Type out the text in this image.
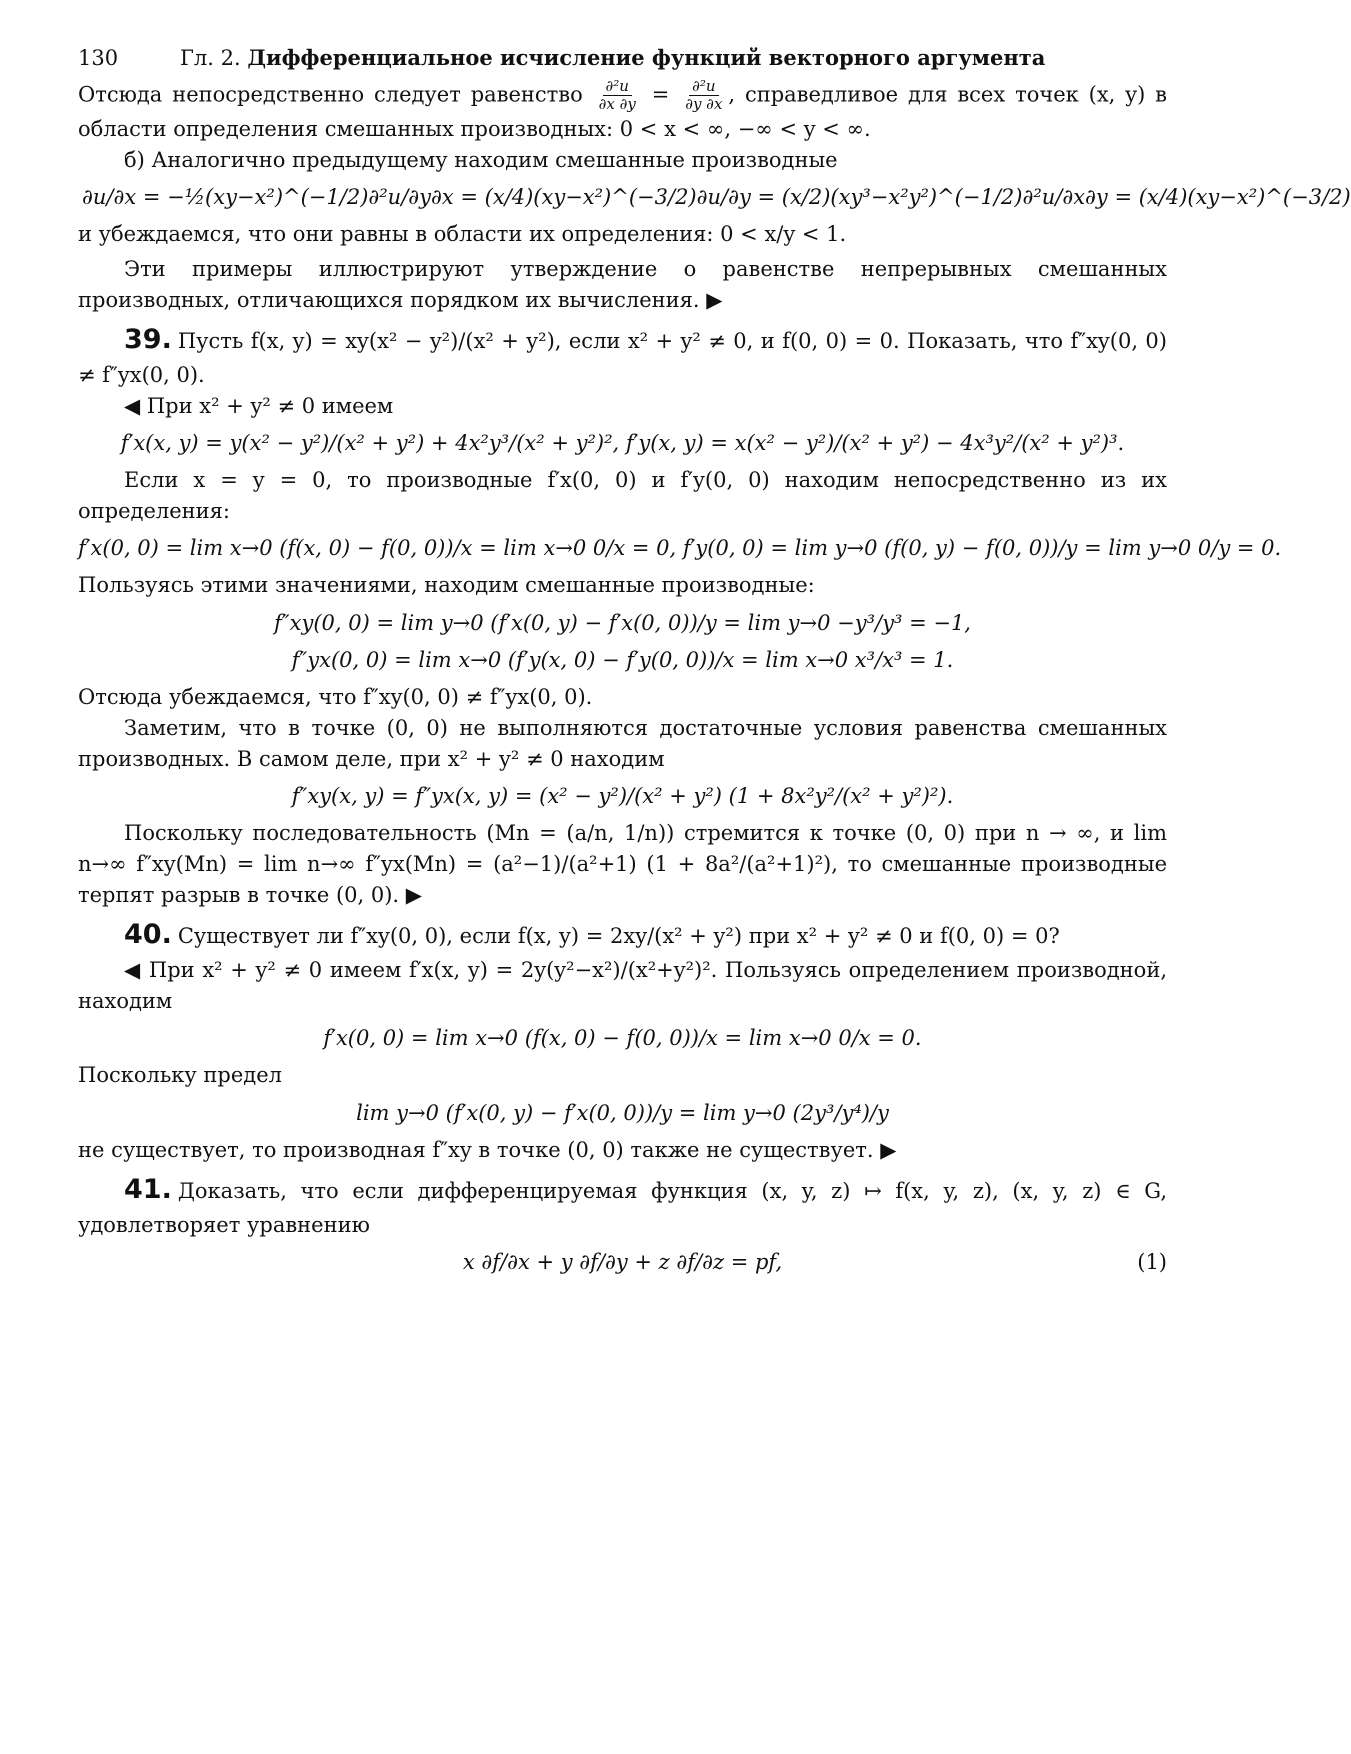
130	Гл. 2. Дифференциальное исчисление функций векторного аргумента

Отсюда непосредственно следует равенство $\frac{\text{∂²u}}{\partial x \partial y} = \frac{\text{∂²u}}{\partial y \partial x}$ , справедливое для всех точек (x, y) в области определения смешанных производных: 0 < x < ∞, −∞ < y < ∞.

б) Аналогично предыдущему находим смешанные производные

∂u/∂x = −½(xy−x²)^(−1/2) ∂²u/∂y∂x = (x/4)(xy−x²)^(−3/2) ∂u/∂y = (x/2)(xy³−x²y²)^(−1/2) ∂²u/∂x∂y = (x/4)(xy−x²)^(−3/2)

и убеждаемся, что они равны в области их определения: 0 < x/y < 1.

Эти примеры иллюстрируют утверждение о равенстве непрерывных смешанных производных, отличающихся порядком их вычисления. ▶

39. Пусть f(x, y) = xy(x² − y²)/(x² + y²), если x² + y² ≠ 0, и f(0, 0) = 0. Показать, что f″xy(0, 0) ≠ f″yx(0, 0).

◀ При x² + y² ≠ 0 имеем

f′x(x, y) = y(x² − y²)/(x² + y²) + 4x²y³/(x² + y²)², f′y(x, y) = x(x² − y²)/(x² + y²) − 4x³y²/(x² + y²)³.

Если x = y = 0, то производные f′x(0, 0) и f′y(0, 0) находим непосредственно из их определения:

f′x(0, 0) = lim x→0 (f(x, 0) − f(0, 0))/x = lim x→0 0/x = 0, f′y(0, 0) = lim y→0 (f(0, y) − f(0, 0))/y = lim y→0 0/y = 0.

Пользуясь этими значениями, находим смешанные производные:

f″xy(0, 0) = lim y→0 (f′x(0, y) − f′x(0, 0))/y = lim y→0 −y³/y³ = −1,
f″yx(0, 0) = lim x→0 (f′y(x, 0) − f′y(0, 0))/x = lim x→0 x³/x³ = 1.

Отсюда убеждаемся, что f″xy(0, 0) ≠ f″yx(0, 0).

Заметим, что в точке (0, 0) не выполняются достаточные условия равенства смешанных производных. В самом деле, при x² + y² ≠ 0 находим

f″xy(x, y) = f″yx(x, y) = (x² − y²)/(x² + y²) (1 + 8x²y²/(x² + y²)²).

Поскольку последовательность (Mn = (a/n, 1/n)) стремится к точке (0, 0) при n → ∞, и lim n→∞ f″xy(Mn) = lim n→∞ f″yx(Mn) = (a²−1)/(a²+1) (1 + 8a²/(a²+1)²), то смешанные производные терпят разрыв в точке (0, 0). ▶

40. Существует ли f″xy(0, 0), если f(x, y) = 2xy/(x² + y²) при x² + y² ≠ 0 и f(0, 0) = 0?

◀ При x² + y² ≠ 0 имеем f′x(x, y) = 2y(y²−x²)/(x²+y²)². Пользуясь определением производной, находим

f′x(0, 0) = lim x→0 (f(x, 0) − f(0, 0))/x = lim x→0 0/x = 0.

Поскольку предел

lim y→0 (f′x(0, y) − f′x(0, 0))/y = lim y→0 (2y³/y⁴)/y

не существует, то производная f″xy в точке (0, 0) также не существует. ▶

41. Доказать, что если дифференцируемая функция (x, y, z) ↦ f(x, y, z), (x, y, z) ∈ G, удовлетворяет уравнению

x ∂f/∂x + y ∂f/∂y + z ∂f/∂z = pf,	(1)
